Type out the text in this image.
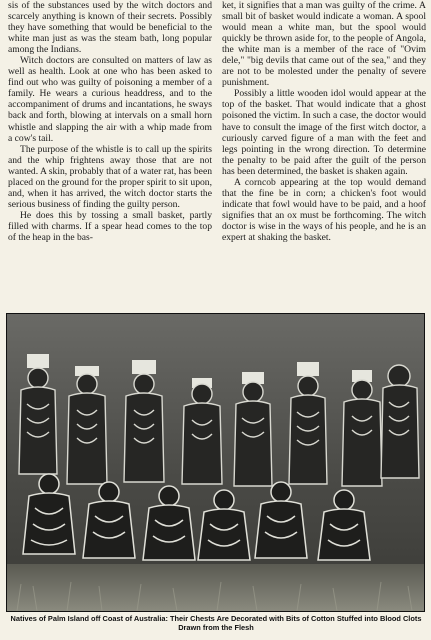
sis of the substances used by the witch doctors and scarcely anything is known of their secrets. Possibly they have something that would be beneficial to the white man just as was the steam bath, long popular among the Indians.

Witch doctors are consulted on matters of law as well as health. Look at one who has been asked to find out who was guilty of poisoning a member of a family. He wears a curious headdress, and to the accompaniment of drums and incantations, he sways back and forth, blowing at intervals on a small horn whistle and slapping the air with a whip made from a cow's tail.

The purpose of the whistle is to call up the spirits and the whip frightens away those that are not wanted. A skin, probably that of a water rat, has been placed on the ground for the proper spirit to sit upon, and, when it has arrived, the witch doctor starts the serious business of finding the guilty person.

He does this by tossing a small basket, partly filled with charms. If a spear head comes to the top of the heap in the bas-

ket, it signifies that a man was guilty of the crime. A small bit of basket would indicate a woman. A spool would mean a white man, but the spool would quickly be thrown aside for, to the people of Angola, the white man is a member of the race of "Ovim dele," "big devils that came out of the sea," and they are not to be molested under the penalty of severe punishment.

Possibly a little wooden idol would appear at the top of the basket. That would indicate that a ghost poisoned the victim. In such a case, the doctor would have to consult the image of the first witch doctor, a curiously carved figure of a man with the feet and legs pointing in the wrong direction. To determine the penalty to be paid after the guilt of the person has been determined, the basket is shaken again.

A corncob appearing at the top would demand that the fine be in corn; a chicken's foot would indicate that fowl would have to be paid, and a hoof signifies that an ox must be forthcoming. The witch doctor is wise in the ways of his people, and he is an expert at shaking the basket.

Natives of Palm Island off Coast of Australia: Their Chests Are Decorated with Bits of Cotton Stuffed into Blood Clots Drawn from the Flesh
